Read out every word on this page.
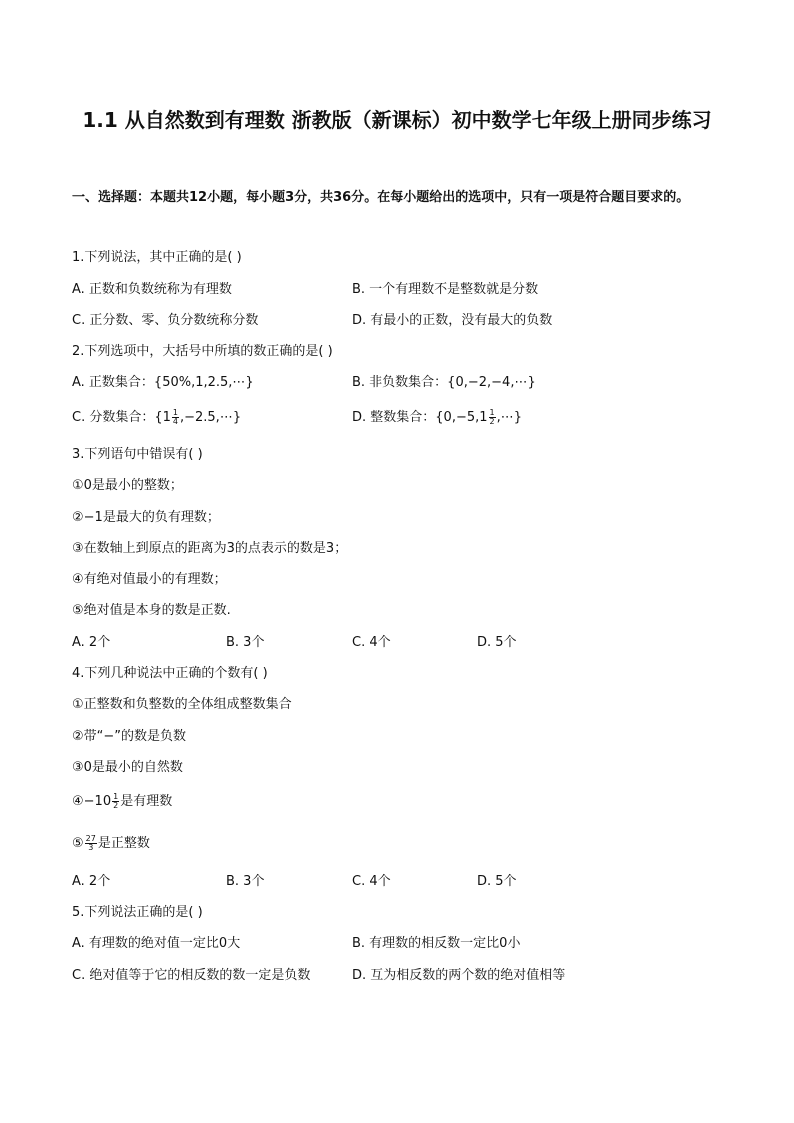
1.1 从自然数到有理数 浙教版（新课标）初中数学七年级上册同步练习
一、选择题：本题共12小题，每小题3分，共36分。在每小题给出的选项中，只有一项是符合题目要求的。
1.下列说法，其中正确的是( )
A. 正数和负数统称为有理数	B. 一个有理数不是整数就是分数
C. 正分数、零、负分数统称分数	D. 有最小的正数，没有最大的负数
2.下列选项中，大括号中所填的数正确的是( )
A. 正数集合：{50%,1,2.5,⋯}	B. 非负数集合：{0,−2,−4,⋯}
C. 分数集合：{$1 \frac{1}{4}$ ,−2.5,⋯}	D. 整数集合：{$0,-5,1 \frac{1}{2}$ ,⋯}
3.下列语句中错误有( )
①0是最小的整数；
②−1是最大的负有理数；
③在数轴上到原点的距离为3的点表示的数是3；
④有绝对值最小的有理数；
⑤绝对值是本身的数是正数.
A. 2个	B. 3个	C. 4个	D. 5个
4.下列几种说法中正确的个数有( )
①正整数和负整数的全体组成整数集合
②带“−”的数是负数
③0是最小的自然数
④−10 $\frac{1}{2}$ 是有理数
⑤ $\frac{27}{3}$ 是正整数
A. 2个	B. 3个	C. 4个	D. 5个
5.下列说法正确的是( )
A. 有理数的绝对值一定比0大	B. 有理数的相反数一定比0小
C. 绝对值等于它的相反数的数一定是负数	D. 互为相反数的两个数的绝对值相等
